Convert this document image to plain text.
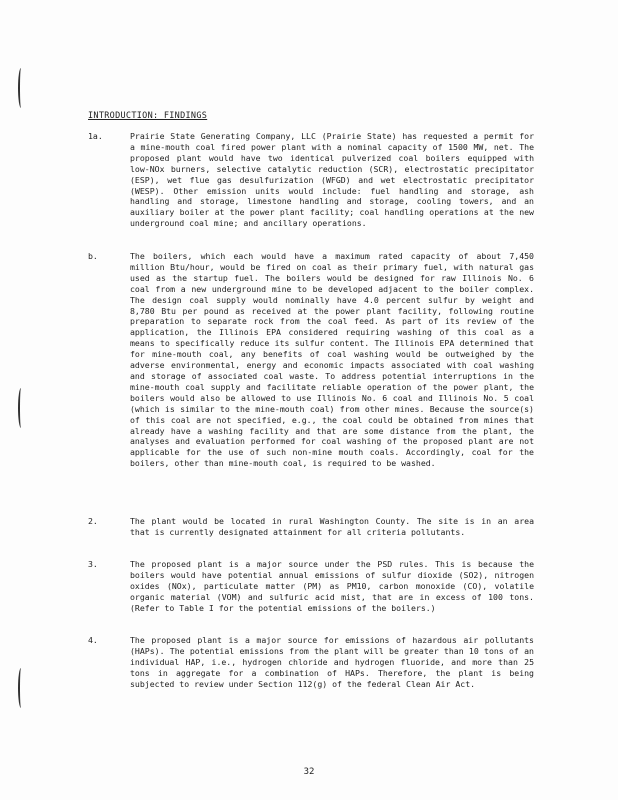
INTRODUCTION: FINDINGS
1a.	Prairie State Generating Company, LLC (Prairie State) has requested a permit for a mine-mouth coal fired power plant with a nominal capacity of 1500 MW, net. The proposed plant would have two identical pulverized coal boilers equipped with low-NOx burners, selective catalytic reduction (SCR), electrostatic precipitator (ESP), wet flue gas desulfurization (WFGD) and wet electrostatic precipitator (WESP). Other emission units would include: fuel handling and storage, ash handling and storage, limestone handling and storage, cooling towers, and an auxiliary boiler at the power plant facility; coal handling operations at the new underground coal mine; and ancillary operations.
b.	The boilers, which each would have a maximum rated capacity of about 7,450 million Btu/hour, would be fired on coal as their primary fuel, with natural gas used as the startup fuel. The boilers would be designed for raw Illinois No. 6 coal from a new underground mine to be developed adjacent to the boiler complex. The design coal supply would nominally have 4.0 percent sulfur by weight and 8,780 Btu per pound as received at the power plant facility, following routine preparation to separate rock from the coal feed. As part of its review of the application, the Illinois EPA considered requiring washing of this coal as a means to specifically reduce its sulfur content. The Illinois EPA determined that for mine-mouth coal, any benefits of coal washing would be outweighed by the adverse environmental, energy and economic impacts associated with coal washing and storage of associated coal waste. To address potential interruptions in the mine-mouth coal supply and facilitate reliable operation of the power plant, the boilers would also be allowed to use Illinois No. 6 coal and Illinois No. 5 coal (which is similar to the mine-mouth coal) from other mines. Because the source(s) of this coal are not specified, e.g., the coal could be obtained from mines that already have a washing facility and that are some distance from the plant, the analyses and evaluation performed for coal washing of the proposed plant are not applicable for the use of such non-mine mouth coals. Accordingly, coal for the boilers, other than mine-mouth coal, is required to be washed.
2.	The plant would be located in rural Washington County. The site is in an area that is currently designated attainment for all criteria pollutants.
3.	The proposed plant is a major source under the PSD rules. This is because the boilers would have potential annual emissions of sulfur dioxide (SO2), nitrogen oxides (NOx), particulate matter (PM) as PM10, carbon monoxide (CO), volatile organic material (VOM) and sulfuric acid mist, that are in excess of 100 tons. (Refer to Table I for the potential emissions of the boilers.)
4.	The proposed plant is a major source for emissions of hazardous air pollutants (HAPs). The potential emissions from the plant will be greater than 10 tons of an individual HAP, i.e., hydrogen chloride and hydrogen fluoride, and more than 25 tons in aggregate for a combination of HAPs. Therefore, the plant is being subjected to review under Section 112(g) of the federal Clean Air Act.
32
